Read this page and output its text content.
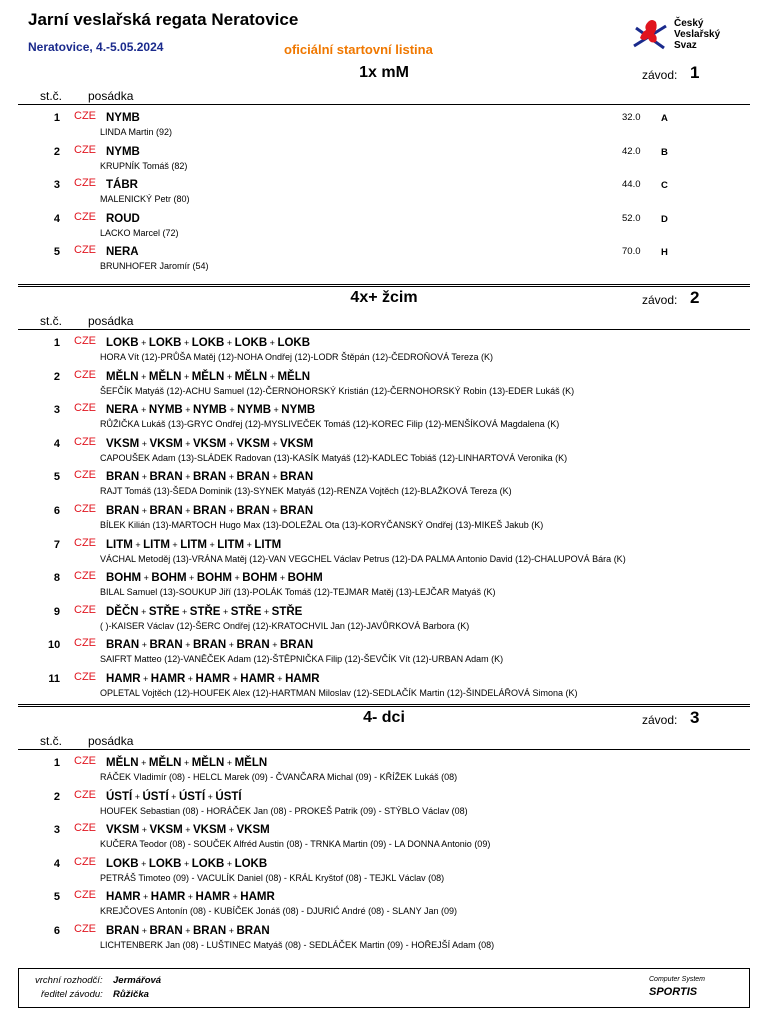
Jarní veslařská regata Neratovice
Neratovice, 4.-5.05.2024	oficiální startovní listina
Český
Veslařský
Svaz
1x mM	závod: 1
st.č. posádka
1 CZE NYMB
LINDA Martin (92)
32.0 A
2 CZE NYMB
KRUPNÍK Tomáš (82)
42.0 B
3 CZE TÁBR
MALENICKÝ Petr (80)
44.0 C
4 CZE ROUD
LACKO Marcel (72)
52.0 D
5 CZE NERA
BRUNHOFER Jaromír (54)
70.0 H
4x+ žcim	závod: 2
st.č. posádka
1 CZE LOKB + LOKB + LOKB + LOKB + LOKB
HORA Vít (12)-PRŮŠA Matěj (12)-NOHA Ondřej (12)-LODR Štěpán (12)-ČEDROŇOVÁ Tereza (K)
2 CZE MĚLN + MĚLN + MĚLN + MĚLN + MĚLN
ŠEFČÍK Matyáš (12)-ACHU Samuel (12)-ČERNOHORSKÝ Kristián (12)-ČERNOHORSKÝ Robin (13)-EDER Lukáš (K)
3 CZE NERA + NYMB + NYMB + NYMB + NYMB
RŮŽIČKA Lukáš (13)-GRYC Ondřej (12)-MYSLIVEČEK Tomáš (12)-KOREC Filip (12)-MENŠÍKOVÁ Magdalena (K)
4 CZE VKSM + VKSM + VKSM + VKSM + VKSM
CAPOUŠEK Adam (13)-SLÁDEK Radovan (13)-KASÍK Matyáš (12)-KADLEC Tobiáš (12)-LINHARTOVÁ Veronika (K)
5 CZE BRAN + BRAN + BRAN + BRAN + BRAN
RAJT Tomáš (13)-ŠEDA Dominik (13)-SYNEK Matyáš (12)-RENZA Vojtěch (12)-BLAŽKOVÁ Tereza (K)
6 CZE BRAN + BRAN + BRAN + BRAN + BRAN
BÍLEK Kilián (13)-MARTOCH Hugo Max (13)-DOLEŽAL Ota (13)-KORYČANSKÝ Ondřej (13)-MIKEŠ Jakub (K)
7 CZE LITM + LITM + LITM + LITM + LITM
VÁCHAL Metoděj (13)-VRÁNA Matěj (12)-VAN VEGCHEL Václav Petrus (12)-DA PALMA Antonio David (12)-CHALUPOVÁ Bára (K)
8 CZE BOHM + BOHM + BOHM + BOHM + BOHM
BILAL Samuel (13)-SOUKUP Jiří (13)-POLÁK Tomáš (12)-TEJMAR Matěj (13)-LEJČAR Matyáš (K)
9 CZE DĚČN + STŘE + STŘE + STŘE + STŘE
( )-KAISER Václav (12)-ŠERC Ondřej (12)-KRATOCHVIL Jan (12)-JAVŮRKOVÁ Barbora (K)
10 CZE BRAN + BRAN + BRAN + BRAN + BRAN
SAIFRT Matteo (12)-VANĚČEK Adam (12)-ŠTĚPNIČKA Filip (12)-ŠEVČÍK Vít (12)-URBAN Adam (K)
11 CZE HAMR + HAMR + HAMR + HAMR + HAMR
OPLETAL Vojtěch (12)-HOUFEK Alex (12)-HARTMAN Miloslav (12)-SEDLAČÍK Martin (12)-ŠINDELÁŘOVÁ Simona (K)
4- dci	závod: 3
st.č. posádka
1 CZE MĚLN + MĚLN + MĚLN + MĚLN
RÁČEK Vladimír (08) - HELCL Marek (09) - ČVANČARA Michal (09) - KŘÍŽEK Lukáš (08)
2 CZE ÚSTÍ + ÚSTÍ + ÚSTÍ + ÚSTÍ
HOUFEK Sebastian (08) - HORÁČEK Jan (08) - PROKEŠ Patrik (09) - STÝBLO Václav (08)
3 CZE VKSM + VKSM + VKSM + VKSM
KUČERA Teodor (08) - SOUČEK Alfréd Austin (08) - TRNKA Martin (09) - LA DONNA Antonio (09)
4 CZE LOKB + LOKB + LOKB + LOKB
PETRÁŠ Timoteo (09) - VACULÍK Daniel (08) - KRÁL Kryštof (08) - TEJKL Václav (08)
5 CZE HAMR + HAMR + HAMR + HAMR
KREJČOVES Antonín (08) - KUBÍČEK Jonáš (08) - DJURIĆ André (08) - SLANY Jan (09)
6 CZE BRAN + BRAN + BRAN + BRAN
LICHTENBERK Jan (08) - LUŠTINEC Matyáš (08) - SEDLÁČEK Martin (09) - HOŘEJŠÍ Adam (08)
vrchní rozhodčí: Jermářová
ředitel závodu: Růžička
Computer System
SPORTIS
